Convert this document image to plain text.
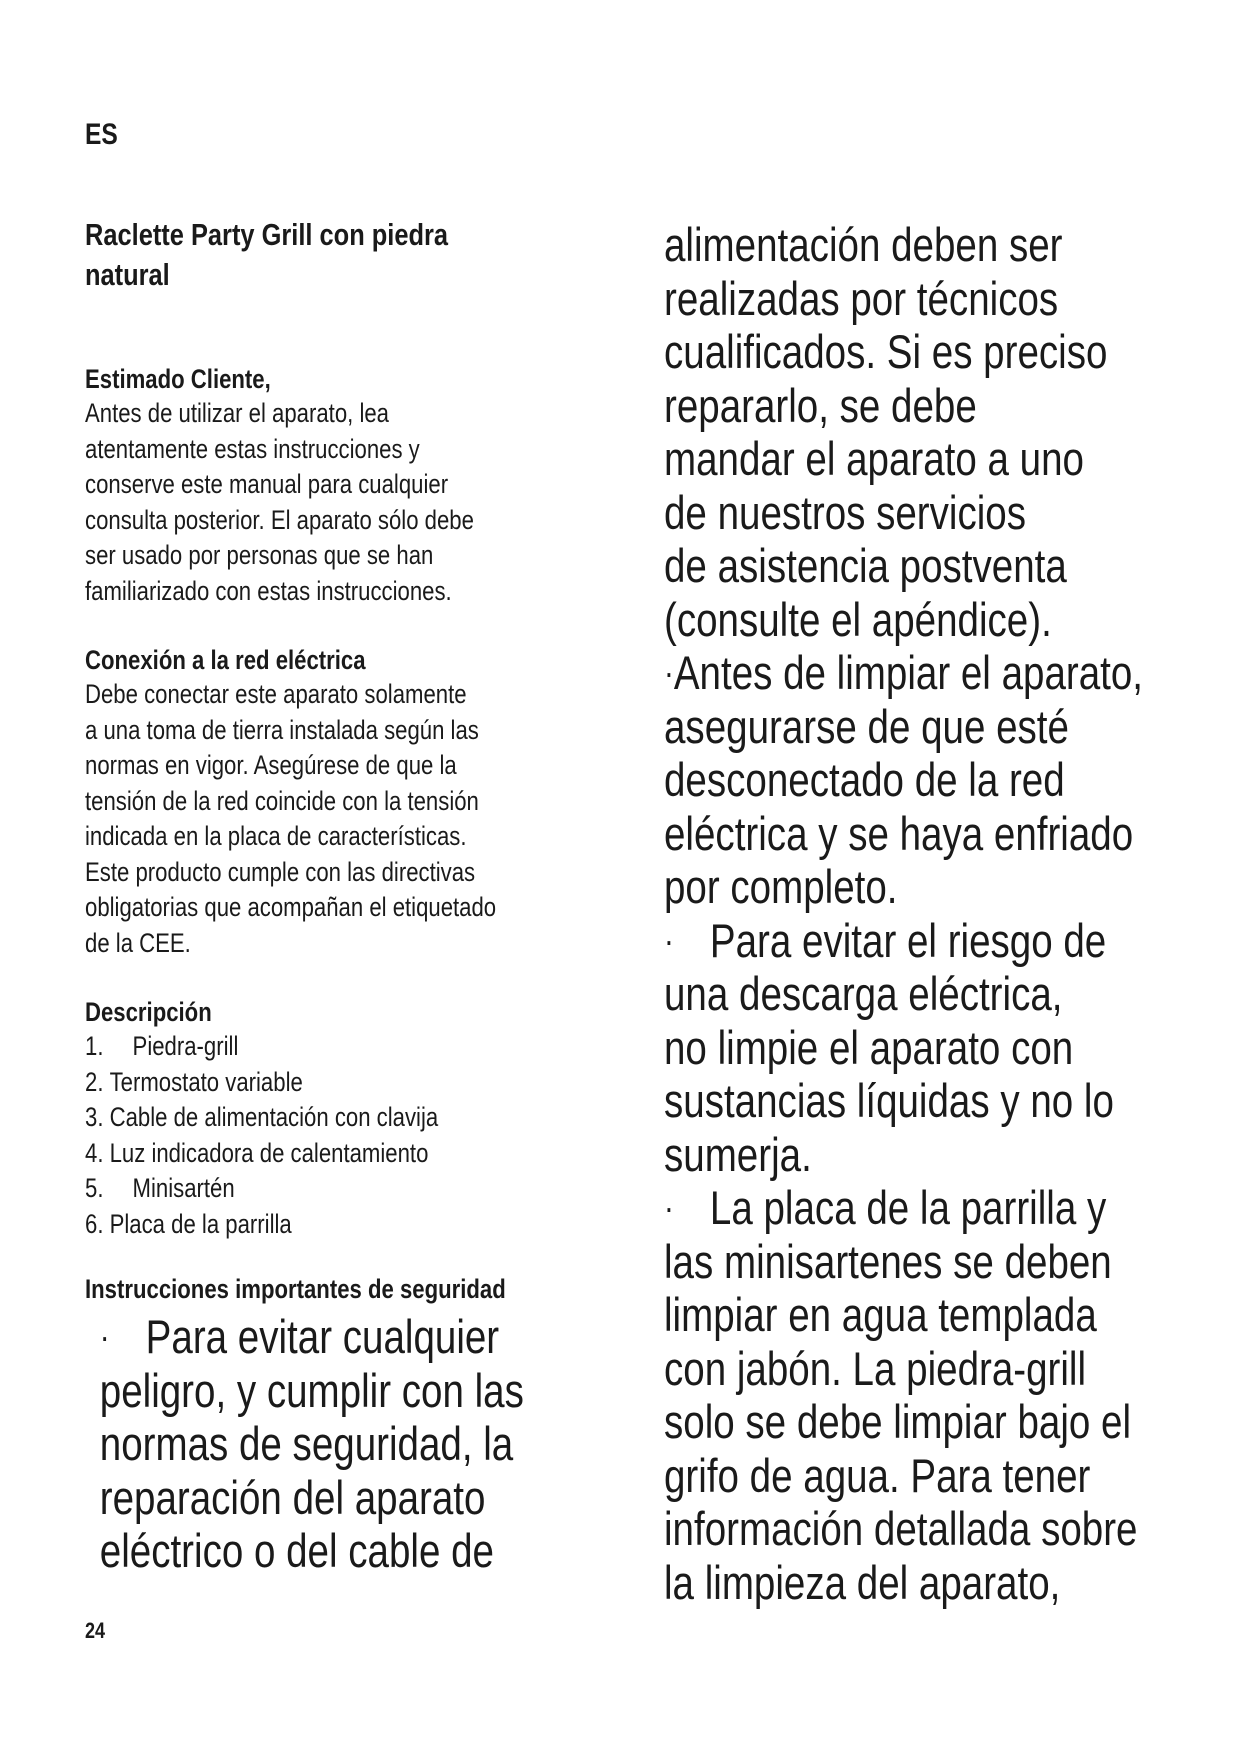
ES
Raclette Party Grill con piedra
natural
Estimado Cliente,
Antes de utilizar el aparato, lea
atentamente estas instrucciones y
conserve este manual para cualquier
consulta posterior. El aparato sólo debe
ser usado por personas que se han
familiarizado con estas instrucciones.
Conexión a la red eléctrica
Debe conectar este aparato solamente
a una toma de tierra instalada según las
normas en vigor. Asegúrese de que la
tensión de la red coincide con la tensión
indicada en la placa de características.
Este producto cumple con las directivas
obligatorias que acompañan el etiquetado
de la CEE.
Descripción
1.	Piedra-grill
2. Termostato variable
3. Cable de alimentación con clavija
4. Luz indicadora de calentamiento
5.	Minisartén
6. Placa de la parrilla
Instrucciones importantes de seguridad
· Para evitar cualquier
peligro, y cumplir con las
normas de seguridad, la
reparación del aparato
eléctrico o del cable de
alimentación deben ser
realizadas por técnicos
cualificados. Si es preciso
repararlo, se debe
mandar el aparato a uno
de nuestros servicios
de asistencia postventa
(consulte el apéndice).
· Antes de limpiar el aparato,
asegurarse de que esté
desconectado de la red
eléctrica y se haya enfriado
por completo.
· Para evitar el riesgo de
una descarga eléctrica,
no limpie el aparato con
sustancias líquidas y no lo
sumerja.
· La placa de la parrilla y
las minisartenes se deben
limpiar en agua templada
con jabón. La piedra-grill
solo se debe limpiar bajo el
grifo de agua. Para tener
información detallada sobre
la limpieza del aparato,
24
